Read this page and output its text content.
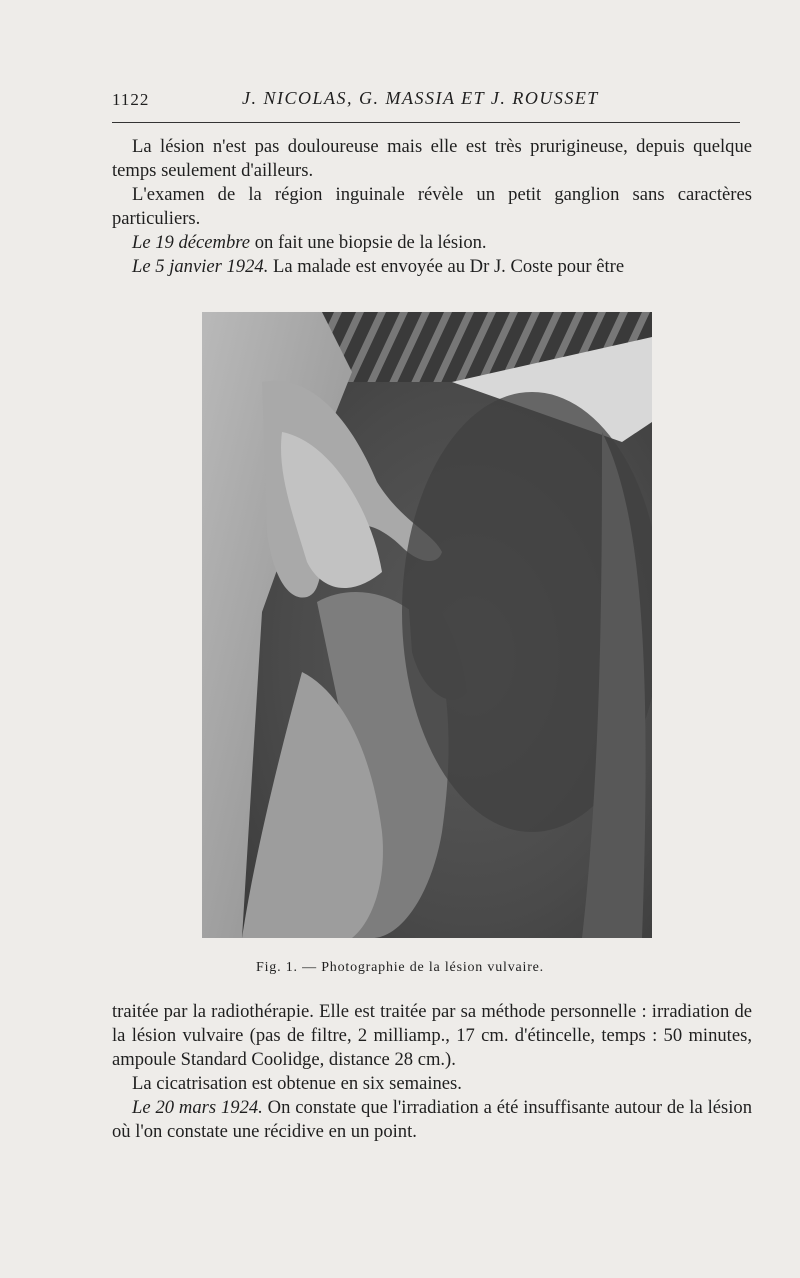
1122	J. NICOLAS, G. MASSIA ET J. ROUSSET

La lésion n'est pas douloureuse mais elle est très prurigineuse, depuis quelque temps seulement d'ailleurs.

L'examen de la région inguinale révèle un petit ganglion sans caractères particuliers.

Le 19 décembre on fait une biopsie de la lésion.

Le 5 janvier 1924. La malade est envoyée au Dr J. Coste pour être

Fig. 1. — Photographie de la lésion vulvaire.

traitée par la radiothérapie. Elle est traitée par sa méthode personnelle : irradiation de la lésion vulvaire (pas de filtre, 2 milliamp., 17 cm. d'étincelle, temps : 50 minutes, ampoule Standard Coolidge, distance 28 cm.).

La cicatrisation est obtenue en six semaines.

Le 20 mars 1924. On constate que l'irradiation a été insuffisante autour de la lésion où l'on constate une récidive en un point.
